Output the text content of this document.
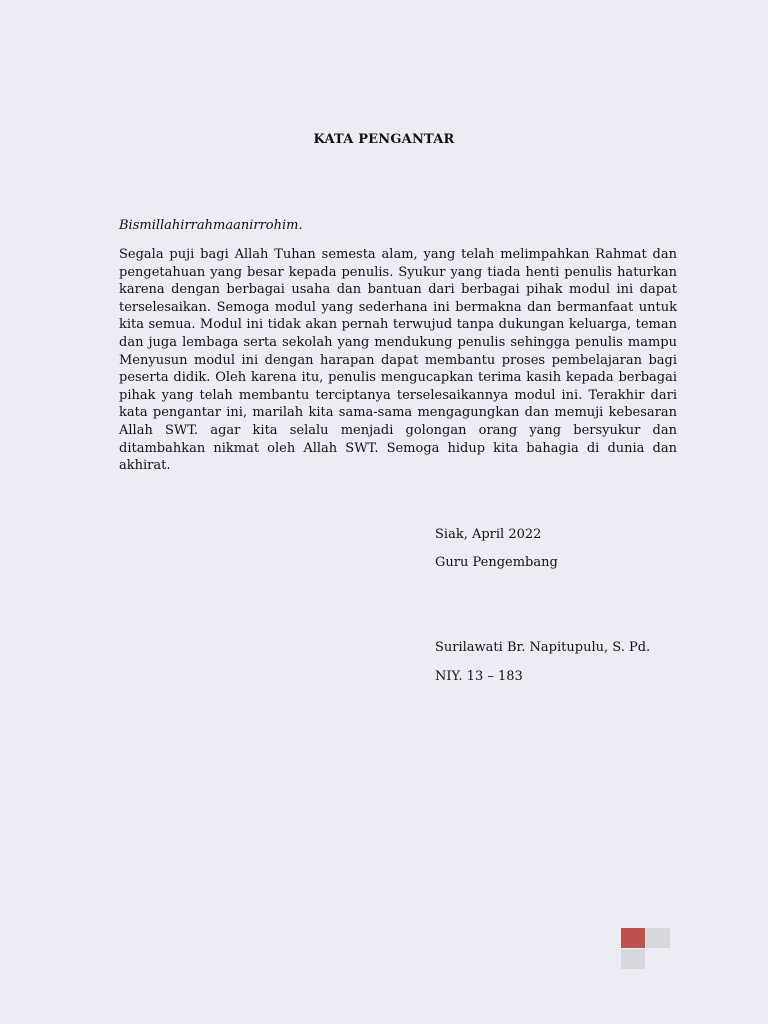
KATA PENGANTAR
Bismillahirrahmaanirrohim.

Segala puji bagi Allah Tuhan semesta alam, yang telah melimpahkan Rahmat dan pengetahuan yang besar kepada penulis. Syukur yang tiada henti penulis haturkan karena dengan berbagai usaha dan bantuan dari berbagai pihak modul ini dapat terselesaikan. Semoga modul yang sederhana ini bermakna dan bermanfaat untuk kita semua. Modul ini tidak akan pernah terwujud tanpa dukungan keluarga, teman dan juga lembaga serta sekolah yang mendukung penulis sehingga penulis mampu Menyusun modul ini dengan harapan dapat membantu proses pembelajaran bagi peserta didik. Oleh karena itu, penulis mengucapkan terima kasih kepada berbagai pihak yang telah membantu terciptanya terselesaikannya modul ini. Terakhir dari kata pengantar ini, marilah kita sama-sama mengagungkan dan memuji kebesaran Allah SWT. agar kita selalu menjadi golongan orang yang bersyukur dan ditambahkan nikmat oleh Allah SWT. Semoga hidup kita bahagia di dunia dan akhirat.

Siak, April 2022
Guru Pengembang
Surilawati Br. Napitupulu, S. Pd.
NIY. 13 – 183
